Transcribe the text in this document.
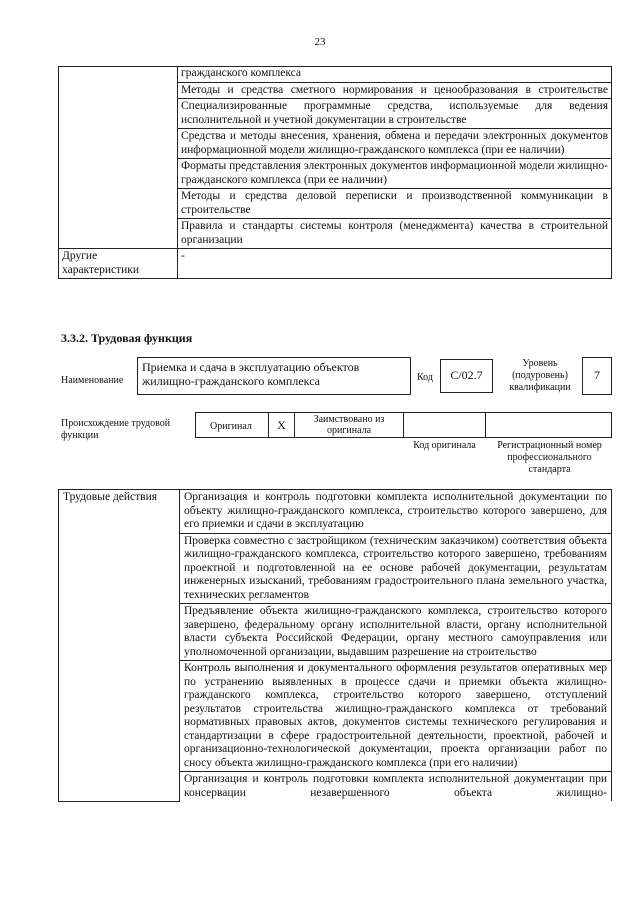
23
	гражданского комплекса
	Методы и средства сметного нормирования и ценообразования в строительстве
	Специализированные программные средства, используемые для ведения исполнительной и учетной документации в строительстве
	Средства и методы внесения, хранения, обмена и передачи электронных документов информационной модели жилищно-гражданского комплекса (при ее наличии)
	Форматы представления электронных документов информационной модели жилищно-гражданского комплекса (при ее наличии)
	Методы и средства деловой переписки и производственной коммуникации в строительстве
	Правила и стандарты системы контроля (менеджмента) качества в строительной организации
Другие характеристики	-
3.3.2. Трудовая функция
Наименование
Приемка и сдача в эксплуатацию объектов жилищно-гражданского комплекса	Код	С/02.7
Уровень (подуровень) квалификации
7
Происхождение трудовой функции
Оригинал	X	Заимствовано из оригинала
Код оригинала	Регистрационный номер профессионального стандарта
Трудовые действия	Организация и контроль подготовки комплекта исполнительной документации по объекту жилищно-гражданского комплекса, строительство которого завершено, для его приемки и сдачи в эксплуатацию
Проверка совместно с застройщиком (техническим заказчиком) соответствия объекта жилищно-гражданского комплекса, строительство которого завершено, требованиям проектной и подготовленной на ее основе рабочей документации, результатам инженерных изысканий, требованиям градостроительного плана земельного участка, технических регламентов
Предъявление объекта жилищно-гражданского комплекса, строительство которого завершено, федеральному органу исполнительной власти, органу исполнительной власти субъекта Российской Федерации, органу местного самоуправления или уполномоченной организации, выдавшим разрешение на строительство
Контроль выполнения и документального оформления результатов оперативных мер по устранению выявленных в процессе сдачи и приемки объекта жилищно-гражданского комплекса, строительство которого завершено, отступлений результатов строительства жилищно-гражданского комплекса от требований нормативных правовых актов, документов системы технического регулирования и стандартизации в сфере градостроительной деятельности, проектной, рабочей и организационно-технологической документации, проекта организации работ по сносу объекта жилищно-гражданского комплекса (при его наличии)
Организация и контроль подготовки комплекта исполнительной документации при консервации незавершенного объекта жилищно-
